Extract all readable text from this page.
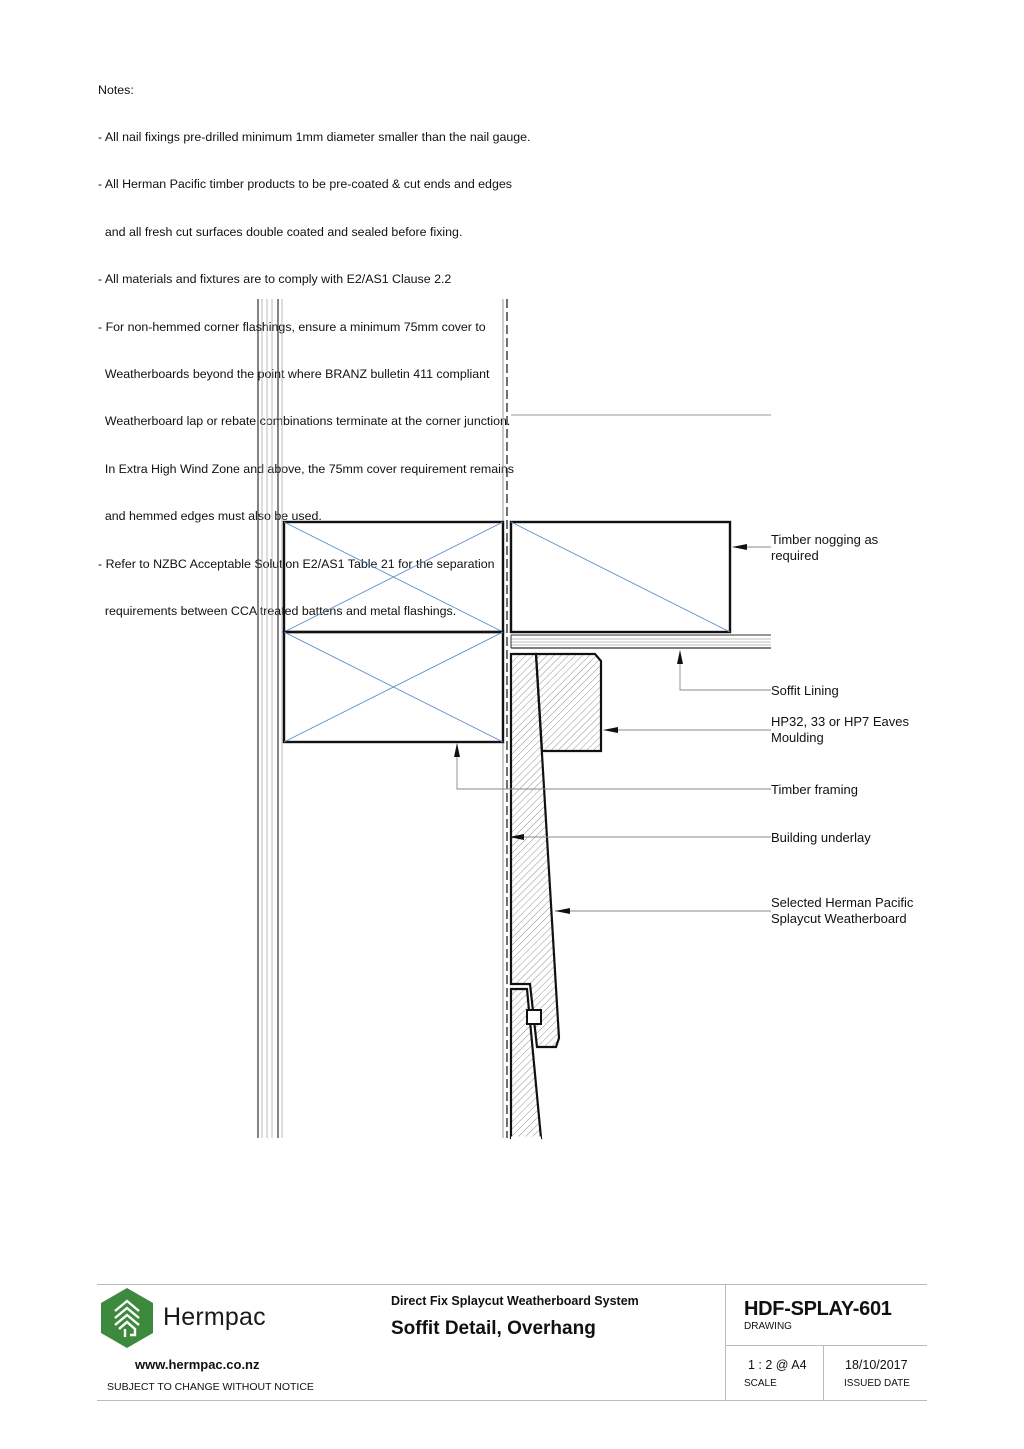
Notes:

- All nail fixings pre-drilled minimum 1mm diameter smaller than the nail gauge.

- All Herman Pacific timber products to be pre-coated & cut ends and edges

and all fresh cut surfaces double coated and sealed before fixing.

- All materials and fixtures are to comply with E2/AS1 Clause 2.2

- For non-hemmed corner flashings, ensure a minimum 75mm cover to

Weatherboards beyond the point where BRANZ bulletin 411 compliant

Weatherboard lap or rebate combinations terminate at the corner junction.

In Extra High Wind Zone and above, the 75mm cover requirement remains

and hemmed edges must also be used.

- Refer to NZBC Acceptable Solution E2/AS1 Table 21 for the separation

requirements between CCA treated battens and metal flashings.

Timber nogging as
required
Soffit Lining
HP32, 33 or HP7 Eaves
Moulding
Timber framing
Building underlay
Selected Herman Pacific
Splaycut Weatherboard
Hermpac
www.hermpac.co.nz
SUBJECT TO CHANGE WITHOUT NOTICE
Direct Fix Splaycut Weatherboard System
Soffit Detail, Overhang
HDF-SPLAY-601
DRAWING
1 : 2 @ A4
SCALE
18/10/2017
ISSUED DATE
